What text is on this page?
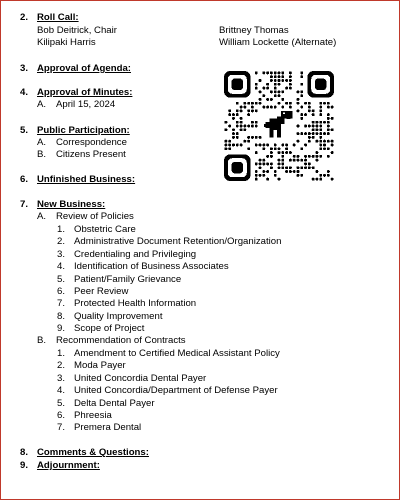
2. Roll Call:
Bob Deitrick, Chair
Kilipaki Harris
Brittney Thomas
William Lockette (Alternate)
3. Approval of Agenda:
4. Approval of Minutes:
A. April 15, 2024
5. Public Participation:
A. Correspondence
B. Citizens Present
6. Unfinished Business:
7. New Business:
A. Review of Policies
1. Obstetric Care
2. Administrative Document Retention/Organization
3. Credentialing and Privileging
4. Identification of Business Associates
5. Patient/Family Grievance
6. Peer Review
7. Protected Health Information
8. Quality Improvement
9. Scope of Project
B. Recommendation of Contracts
1. Amendment to Certified Medical Assistant Policy
2. Moda Payer
3. United Concordia Dental Payer
4. United Concordia/Department of Defense Payer
5. Delta Dental Payer
6. Phreesia
7. Premera Dental
8. Comments & Questions:
9. Adjournment:
